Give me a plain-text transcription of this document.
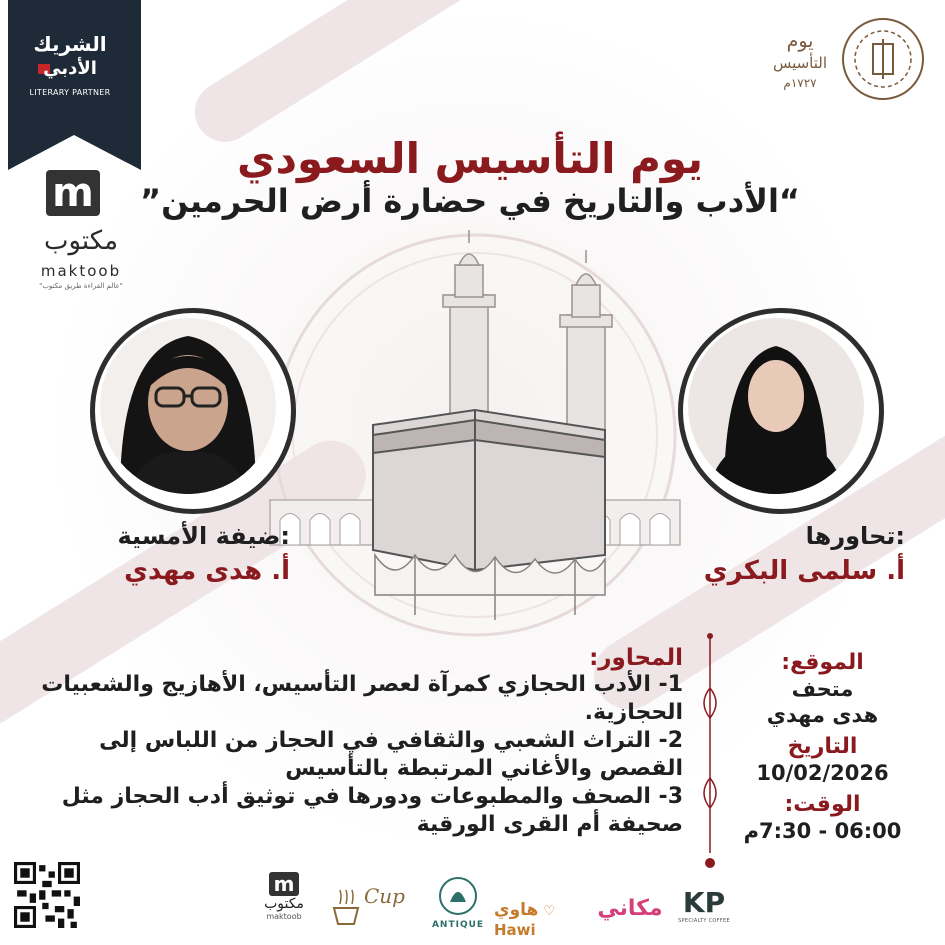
الشريك
الأدبي
LITERARY PARTNER
m
مكتوب
maktoob
"عالم القراءة طريق مكتوب"
يوم
التأسيس
١٧٢٧م
يوم التأسيس السعودي
”الأدب والتاريخ في حضارة أرض الحرمين“
ضيفة الأمسية:
أ. هدى مهدي
تحاورها:
أ. سلمى البكري
المحاور:
1- الأدب الحجازي كمرآة لعصر التأسيس، الأهازيج والشعبيات الحجازية.
2- التراث الشعبي والثقافي في الحجاز من اللباس إلى القصص والأغاني المرتبطة بالتأسيس
3- الصحف والمطبوعات ودورها في توثيق أدب الحجاز مثل صحيفة أم القرى الورقية
الموقع:
متحف
هدى مهدي
التاريخ
10/02/2026
الوقت:
06:00 - 7:30م
m
مكتوب
maktoob
Cup
ANTIQUE
هاوي ♡ Hawi
مكاني KP
SPECIALTY COFFEE
